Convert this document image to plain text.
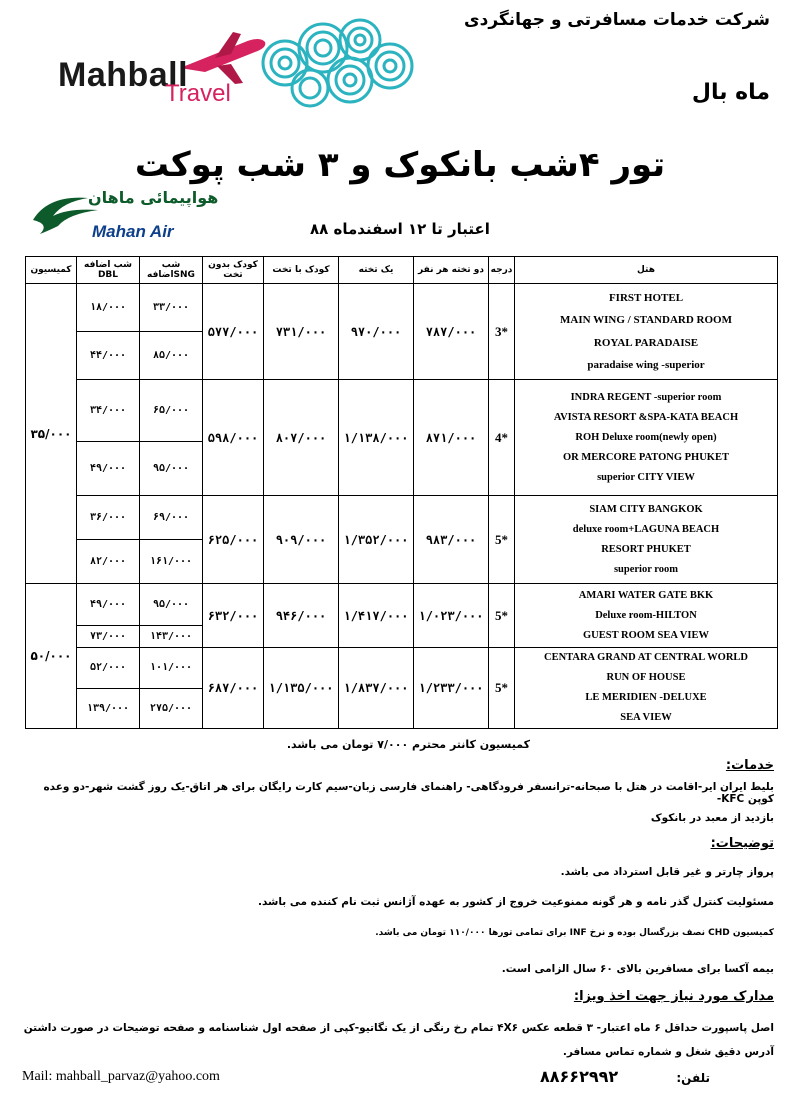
شرکت خدمات مسافرتی و جهانگردی
ماه بال
Mahball
Travel
تور ۴شب بانکوک و ۳ شب پوکت
هواپیمائی ماهان
Mahan Air	اعتبار تا ۱۲ اسفندماه ۸۸
کمیسیون	شب اضافه DBL	شب اضافهSNG	کودک بدون تخت	کودک با تخت	یک تخته	دو تخته هر نفر	درجه	هتل
۳۵/۰۰۰	۱۸/۰۰۰	۳۳/۰۰۰	۵۷۷/۰۰۰	۷۳۱/۰۰۰	۹۷۰/۰۰۰	۷۸۷/۰۰۰	3*	FIRST HOTEL
MAIN WING / STANDARD ROOM
ROYAL PARADAISE
paradaise wing -superior

	۴۴/۰۰۰	۸۵/۰۰۰						
	۳۴/۰۰۰	۶۵/۰۰۰	۵۹۸/۰۰۰	۸۰۷/۰۰۰	۱/۱۳۸/۰۰۰	۸۷۱/۰۰۰	4*	INDRA REGENT -superior room
AVISTA RESORT &SPA-KATA BEACH
ROH Deluxe room(newly open)
OR MERCORE PATONG PHUKET
superior CITY VIEW

	۴۹/۰۰۰	۹۵/۰۰۰						
	۳۶/۰۰۰	۶۹/۰۰۰	۶۲۵/۰۰۰	۹۰۹/۰۰۰	۱/۳۵۲/۰۰۰	۹۸۳/۰۰۰	5*	SIAM CITY BANGKOK
deluxe room+LAGUNA BEACH
RESORT PHUKET
superior room

	۸۲/۰۰۰	۱۶۱/۰۰۰						
۵۰/۰۰۰	۴۹/۰۰۰	۹۵/۰۰۰	۶۳۲/۰۰۰	۹۴۶/۰۰۰	۱/۴۱۷/۰۰۰	۱/۰۲۳/۰۰۰	5*	AMARI WATER GATE BKK
Deluxe room-HILTON
GUEST ROOM SEA VIEW

	۷۳/۰۰۰	۱۴۳/۰۰۰						
	۵۲/۰۰۰	۱۰۱/۰۰۰	۶۸۷/۰۰۰	۱/۱۳۵/۰۰۰	۱/۸۳۷/۰۰۰	۱/۲۳۳/۰۰۰	5*	CENTARA GRAND AT CENTRAL WORLD
RUN OF HOUSE
LE MERIDIEN -DELUXE
SEA VIEW

	۱۳۹/۰۰۰	۲۷۵/۰۰۰						
کمیسیون کانتر محترم ۷/۰۰۰ تومان می باشد.
خدمات:
بلیط ایران ایر-اقامت در هتل با صبحانه-ترانسفر فرودگاهی- راهنمای فارسی زبان-سیم کارت رایگان برای هر اتاق-یک روز گشت شهر-دو وعده کوپن KFC-
بازدید از معبد در بانکوک
توضیحات:
پرواز چارتر و غیر قابل استرداد می باشد.
مسئولیت کنترل گذر نامه و هر گونه ممنوعیت خروج از کشور به عهده آژانس ثبت نام کننده می باشد.
کمیسیون CHD نصف بزرگسال بوده و نرخ INF برای تمامی تورها ۱۱۰/۰۰۰ تومان می باشد.
بیمه آکسا برای مسافرین بالای ۶۰ سال الزامی است.
مدارک مورد نیاز جهت اخذ ویزا:
اصل پاسپورت حداقل ۶ ماه اعتبار- ۳ قطعه عکس ۴X۶ تمام رخ رنگی از یک نگاتیو-کپی از صفحه اول شناسنامه و صفحه توضیحات در صورت داشتن
آدرس دقیق شغل و شماره تماس مسافر.
Mail: mahball_parvaz@yahoo.com	۸۸۶۶۲۹۹۲	تلفن:
